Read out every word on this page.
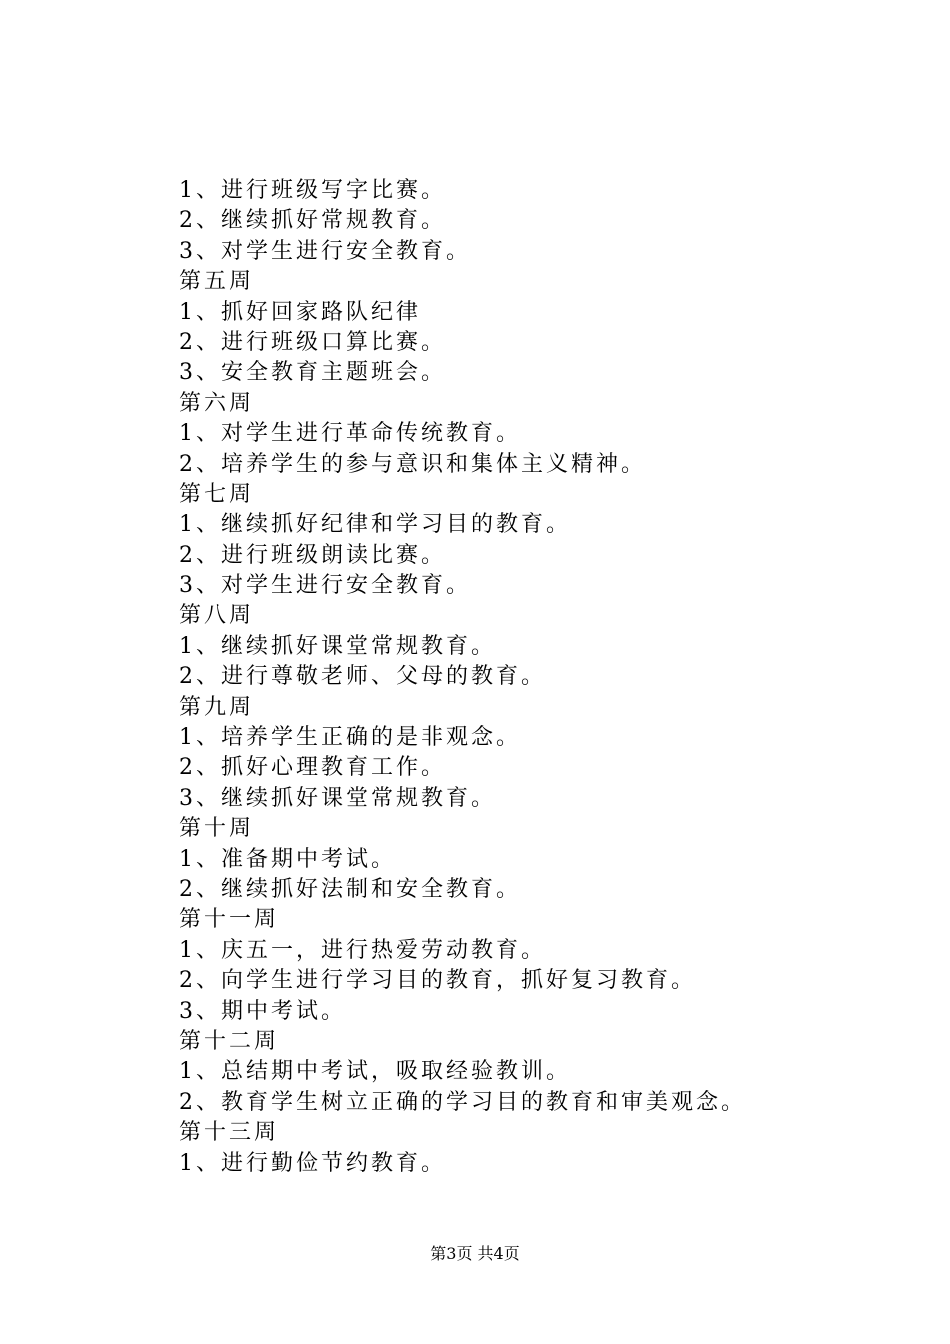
1、进行班级写字比赛。
2、继续抓好常规教育。
3、对学生进行安全教育。
第五周
1、抓好回家路队纪律
2、进行班级口算比赛。
3、安全教育主题班会。
第六周
1、对学生进行革命传统教育。
2、培养学生的参与意识和集体主义精神。
第七周
1、继续抓好纪律和学习目的教育。
2、进行班级朗读比赛。
3、对学生进行安全教育。
第八周
1、继续抓好课堂常规教育。
2、进行尊敬老师、父母的教育。
第九周
1、培养学生正确的是非观念。
2、抓好心理教育工作。
3、继续抓好课堂常规教育。
第十周
1、准备期中考试。
2、继续抓好法制和安全教育。
第十一周
1、庆五一，进行热爱劳动教育。
2、向学生进行学习目的教育，抓好复习教育。
3、期中考试。
第十二周
1、总结期中考试，吸取经验教训。
2、教育学生树立正确的学习目的教育和审美观念。
第十三周
1、进行勤俭节约教育。
第3页 共4页
